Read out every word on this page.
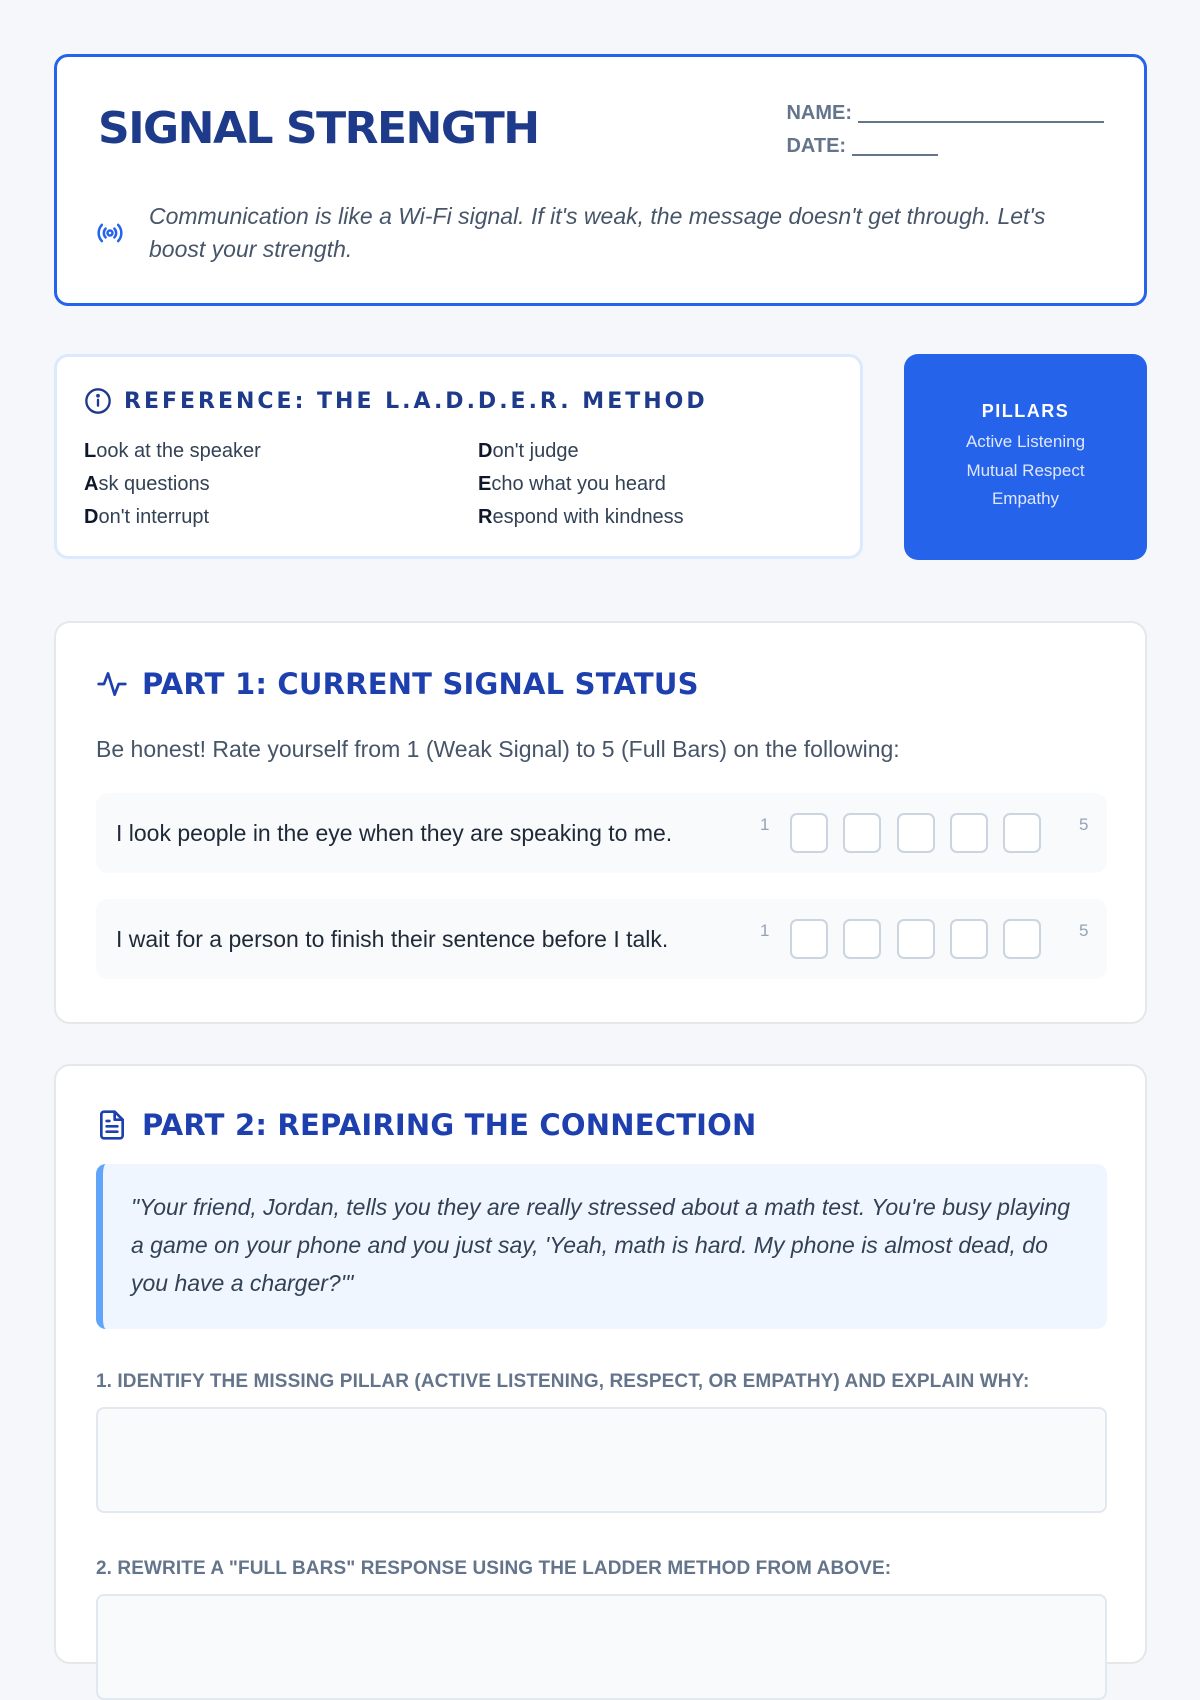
SIGNAL STRENGTH	NAME:
DATE:

Communication is like a Wi-Fi signal. If it's weak, the message doesn't get through. Let's boost your strength.

REFERENCE: THE L.A.D.D.E.R. METHOD
Look at the speaker	Don't judge
Ask questions	Echo what you heard
Don't interrupt	Respond with kindness
PILLARS
Active Listening
Mutual Respect
Empathy
PART 1: CURRENT SIGNAL STATUS

Be honest! Rate yourself from 1 (Weak Signal) to 5 (Full Bars) on the following:

I look people in the eye when they are speaking to me.	1	5
I wait for a person to finish their sentence before I talk.	1	5
PART 2: REPAIRING THE CONNECTION

"Your friend, Jordan, tells you they are really stressed about a math test. You're busy playing a game on your phone and you just say, 'Yeah, math is hard. My phone is almost dead, do you have a charger?'"

1. IDENTIFY THE MISSING PILLAR (ACTIVE LISTENING, RESPECT, OR EMPATHY) AND EXPLAIN WHY:
2. REWRITE A "FULL BARS" RESPONSE USING THE LADDER METHOD FROM ABOVE:
